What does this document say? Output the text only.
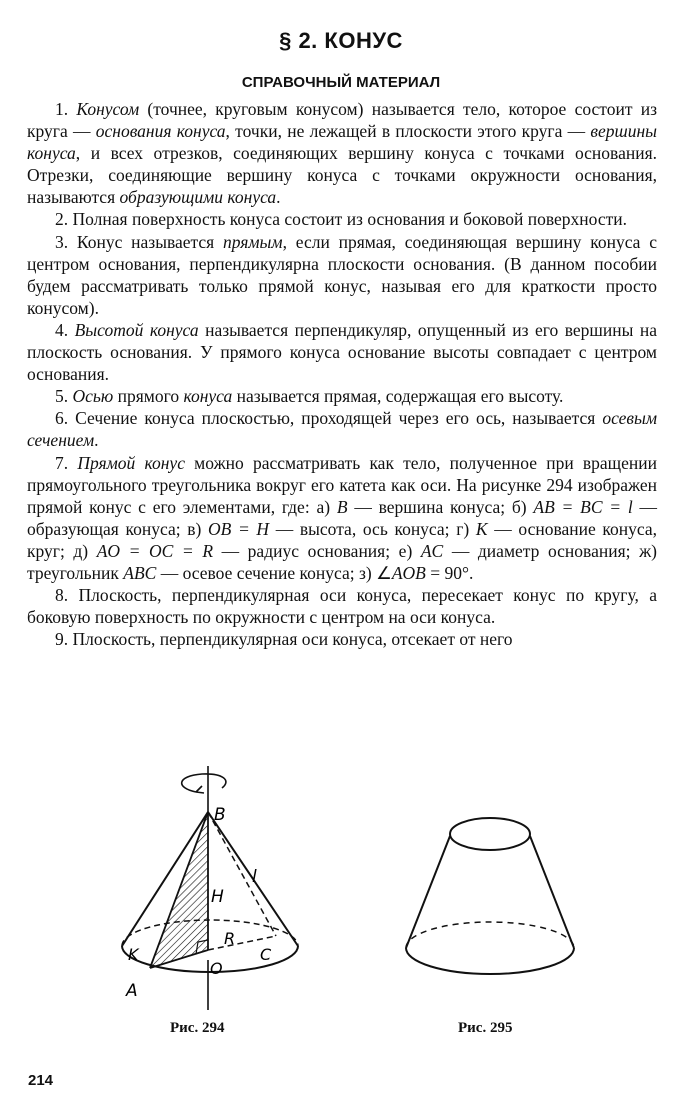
§ 2. КОНУС
СПРАВОЧНЫЙ МАТЕРИАЛ

1. Конусом (точнее, круговым конусом) называется тело, которое состоит из круга — основания конуса, точки, не лежащей в плоскости этого круга — вершины конуса, и всех отрезков, соединяющих вершину конуса с точками основания. Отрезки, соединяющие вершину конуса с точками окружности основания, называются образующими конуса.

2. Полная поверхность конуса состоит из основания и боковой поверхности.

3. Конус называется прямым, если прямая, соединяющая вершину конуса с центром основания, перпендикулярна плоскости основания. (В данном пособии будем рассматривать только прямой конус, называя его для краткости просто конусом).

4. Высотой конуса называется перпендикуляр, опущенный из его вершины на плоскость основания. У прямого конуса основание высоты совпадает с центром основания.

5. Осью прямого конуса называется прямая, содержащая его высоту.

6. Сечение конуса плоскостью, проходящей через его ось, называется осевым сечением.

7. Прямой конус можно рассматривать как тело, полученное при вращении прямоугольного треугольника вокруг его катета как оси. На рисунке 294 изображен прямой конус с его элементами, где: а) B — вершина конуса; б) AB = BC = l — образующая конуса; в) OB = H — высота, ось конуса; г) K — основание конуса, круг; д) AO = OC = R — радиус основания; е) AC — диаметр основания; ж) треугольник ABC — осевое сечение конуса; з) ∠AOB = 90°.

8. Плоскость, перпендикулярная оси конуса, пересекает конус по кругу, а боковую поверхность по окружности с центром на оси конуса.

9. Плоскость, перпендикулярная оси конуса, отсекает от него

B
l
H
R
K	C
O
A
Рис. 294	Рис. 295
214
